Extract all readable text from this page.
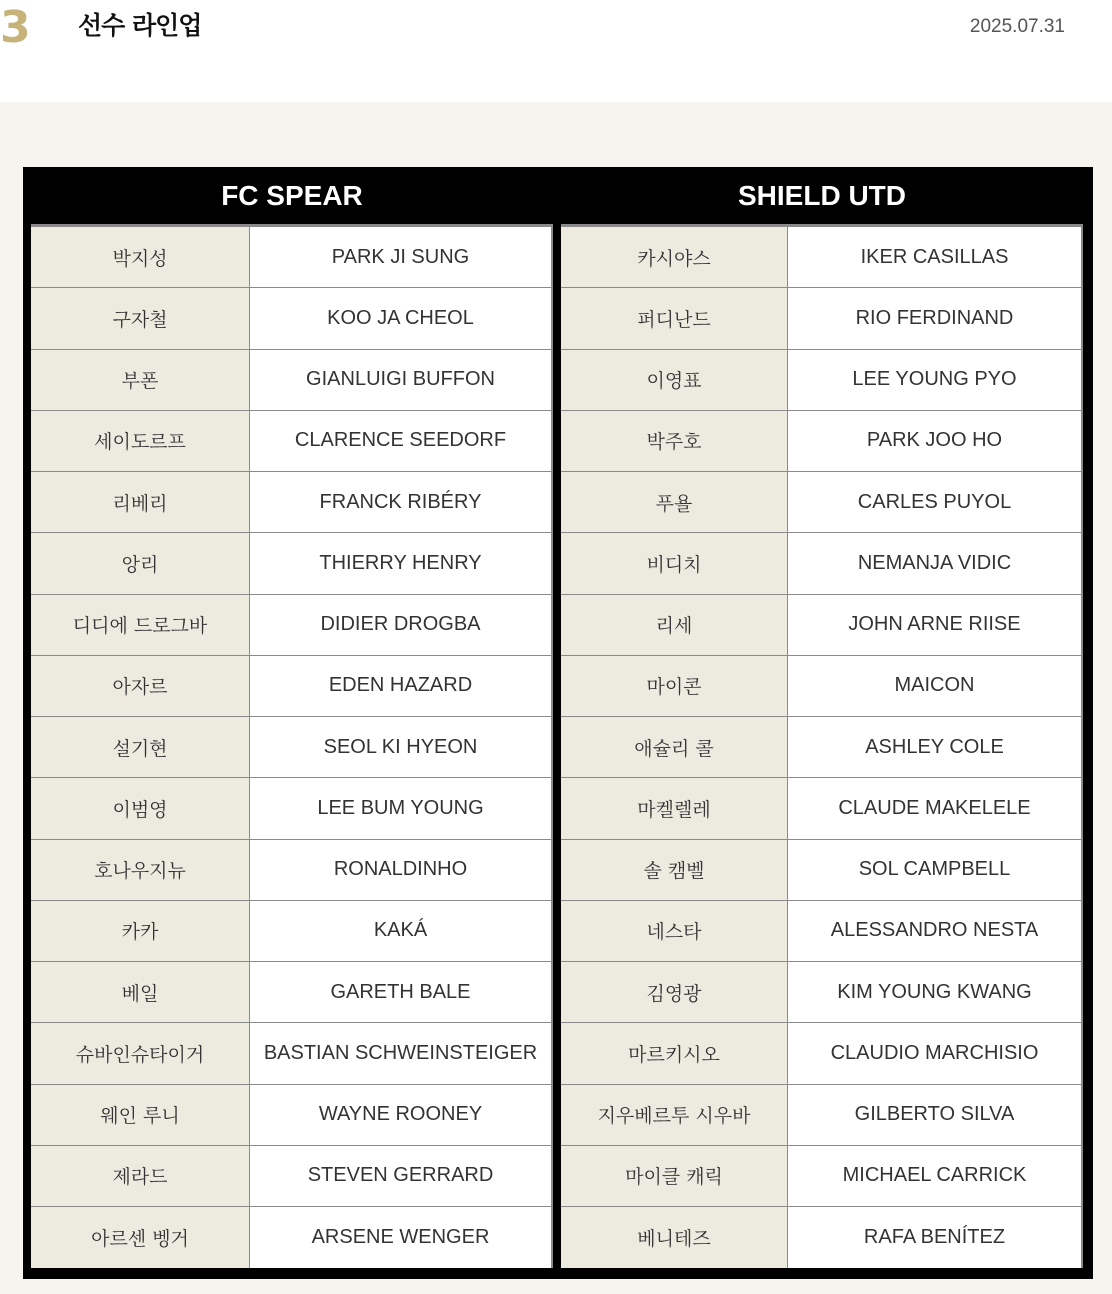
3 선수 라인업	2025.07.31
FC SPEAR
박지성	PARK JI SUNG
구자철	KOO JA CHEOL
부폰	GIANLUIGI BUFFON
세이도르프	CLARENCE SEEDORF
리베리	FRANCK RIBÉRY
앙리	THIERRY HENRY
디디에 드로그바	DIDIER DROGBA
아자르	EDEN HAZARD
설기현	SEOL KI HYEON
이범영	LEE BUM YOUNG
호나우지뉴	RONALDINHO
카카	KAKÁ
베일	GARETH BALE
슈바인슈타이거	BASTIAN SCHWEINSTEIGER
웨인 루니	WAYNE ROONEY
제라드	STEVEN GERRARD
아르센 벵거	ARSENE WENGER
SHIELD UTD
카시야스	IKER CASILLAS
퍼디난드	RIO FERDINAND
이영표	LEE YOUNG PYO
박주호	PARK JOO HO
푸욜	CARLES PUYOL
비디치	NEMANJA VIDIC
리세	JOHN ARNE RIISE
마이콘	MAICON
애슐리 콜	ASHLEY COLE
마켈렐레	CLAUDE MAKELELE
솔 캠벨	SOL CAMPBELL
네스타	ALESSANDRO NESTA
김영광	KIM YOUNG KWANG
마르키시오	CLAUDIO MARCHISIO
지우베르투 시우바	GILBERTO SILVA
마이클 캐릭	MICHAEL CARRICK
베니테즈	RAFA BENÍTEZ
